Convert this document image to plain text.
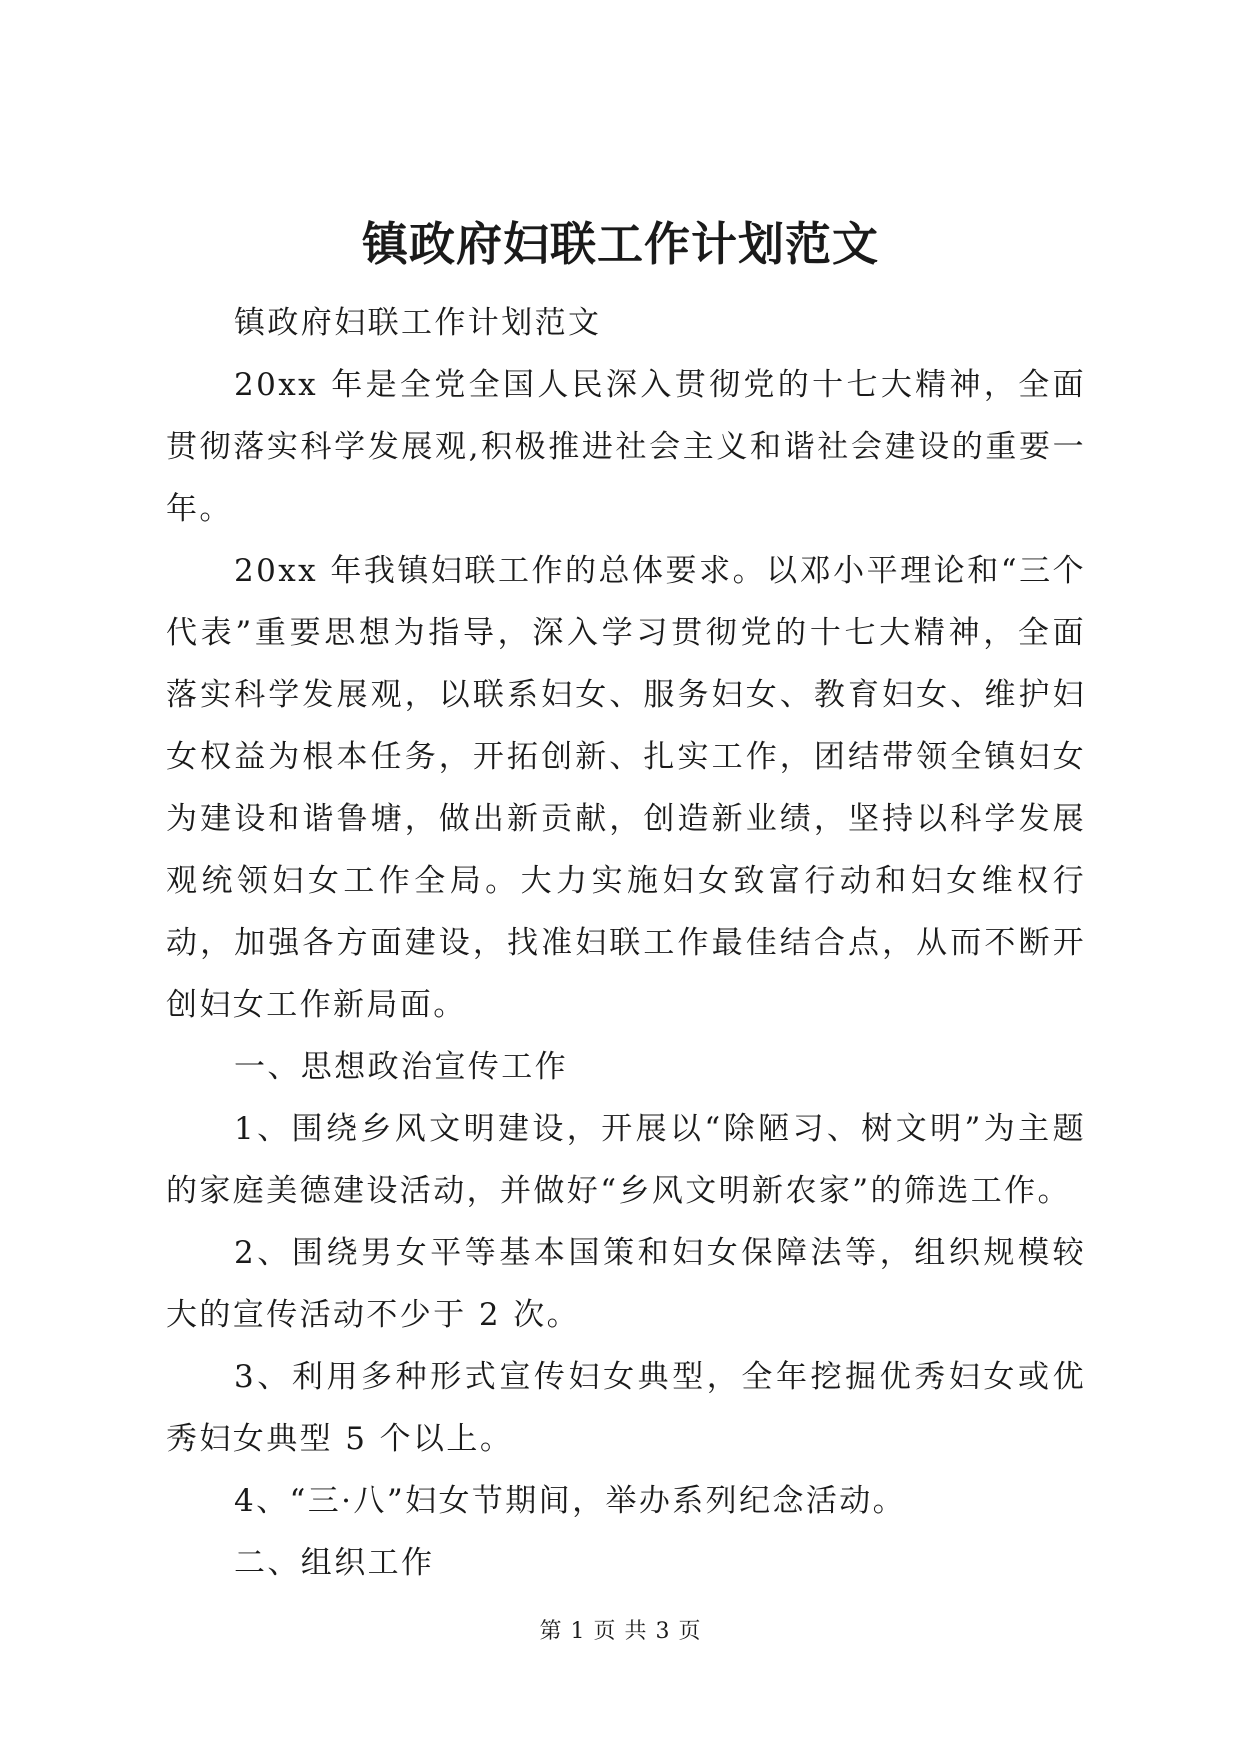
镇政府妇联工作计划范文

镇政府妇联工作计划范文

20xx 年是全党全国人民深入贯彻党的十七大精神，全面贯彻落实科学发展观,积极推进社会主义和谐社会建设的重要一年。

20xx 年我镇妇联工作的总体要求。以邓小平理论和“三个代表”重要思想为指导，深入学习贯彻党的十七大精神，全面落实科学发展观，以联系妇女、服务妇女、教育妇女、维护妇女权益为根本任务，开拓创新、扎实工作，团结带领全镇妇女为建设和谐鲁塘，做出新贡献，创造新业绩，坚持以科学发展观统领妇女工作全局。大力实施妇女致富行动和妇女维权行动，加强各方面建设，找准妇联工作最佳结合点，从而不断开创妇女工作新局面。

一、思想政治宣传工作

1、围绕乡风文明建设，开展以“除陋习、树文明”为主题的家庭美德建设活动，并做好“乡风文明新农家”的筛选工作。

2、围绕男女平等基本国策和妇女保障法等，组织规模较大的宣传活动不少于 2 次。

3、利用多种形式宣传妇女典型，全年挖掘优秀妇女或优秀妇女典型 5 个以上。

4、“三·八”妇女节期间，举办系列纪念活动。

二、组织工作

第 1 页 共 3 页
